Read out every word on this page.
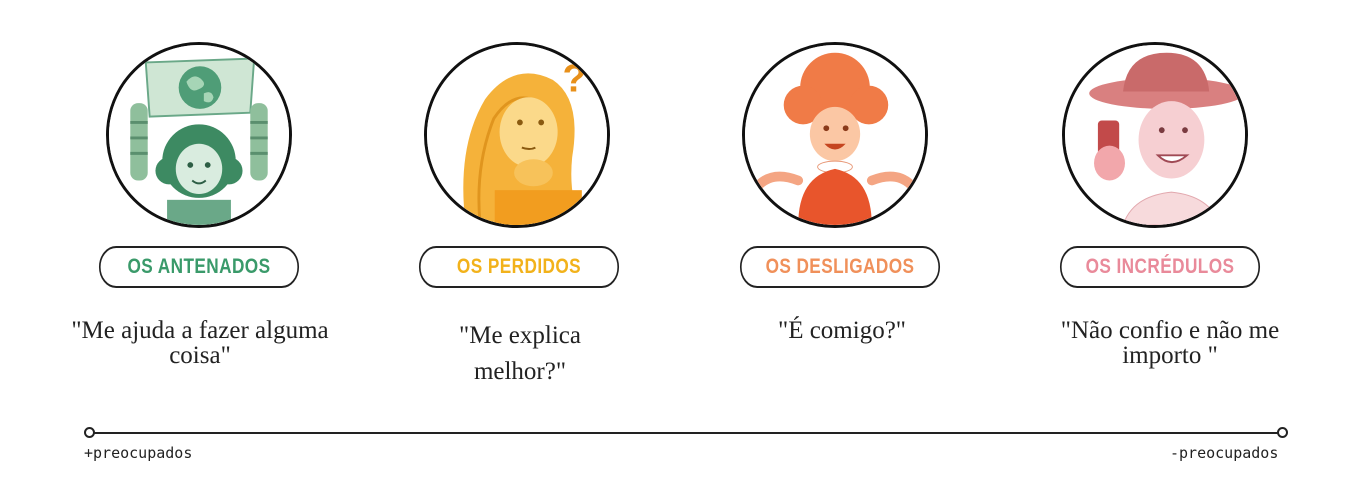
OS ANTENADOS
"Me ajuda a fazer alguma coisa"
?
OS PERDIDOS
"Me explica melhor?"
OS DESLIGADOS
"É comigo?"
OS INCRÉDULOS
"Não confio e não me importo "
+preocupados	-preocupados
